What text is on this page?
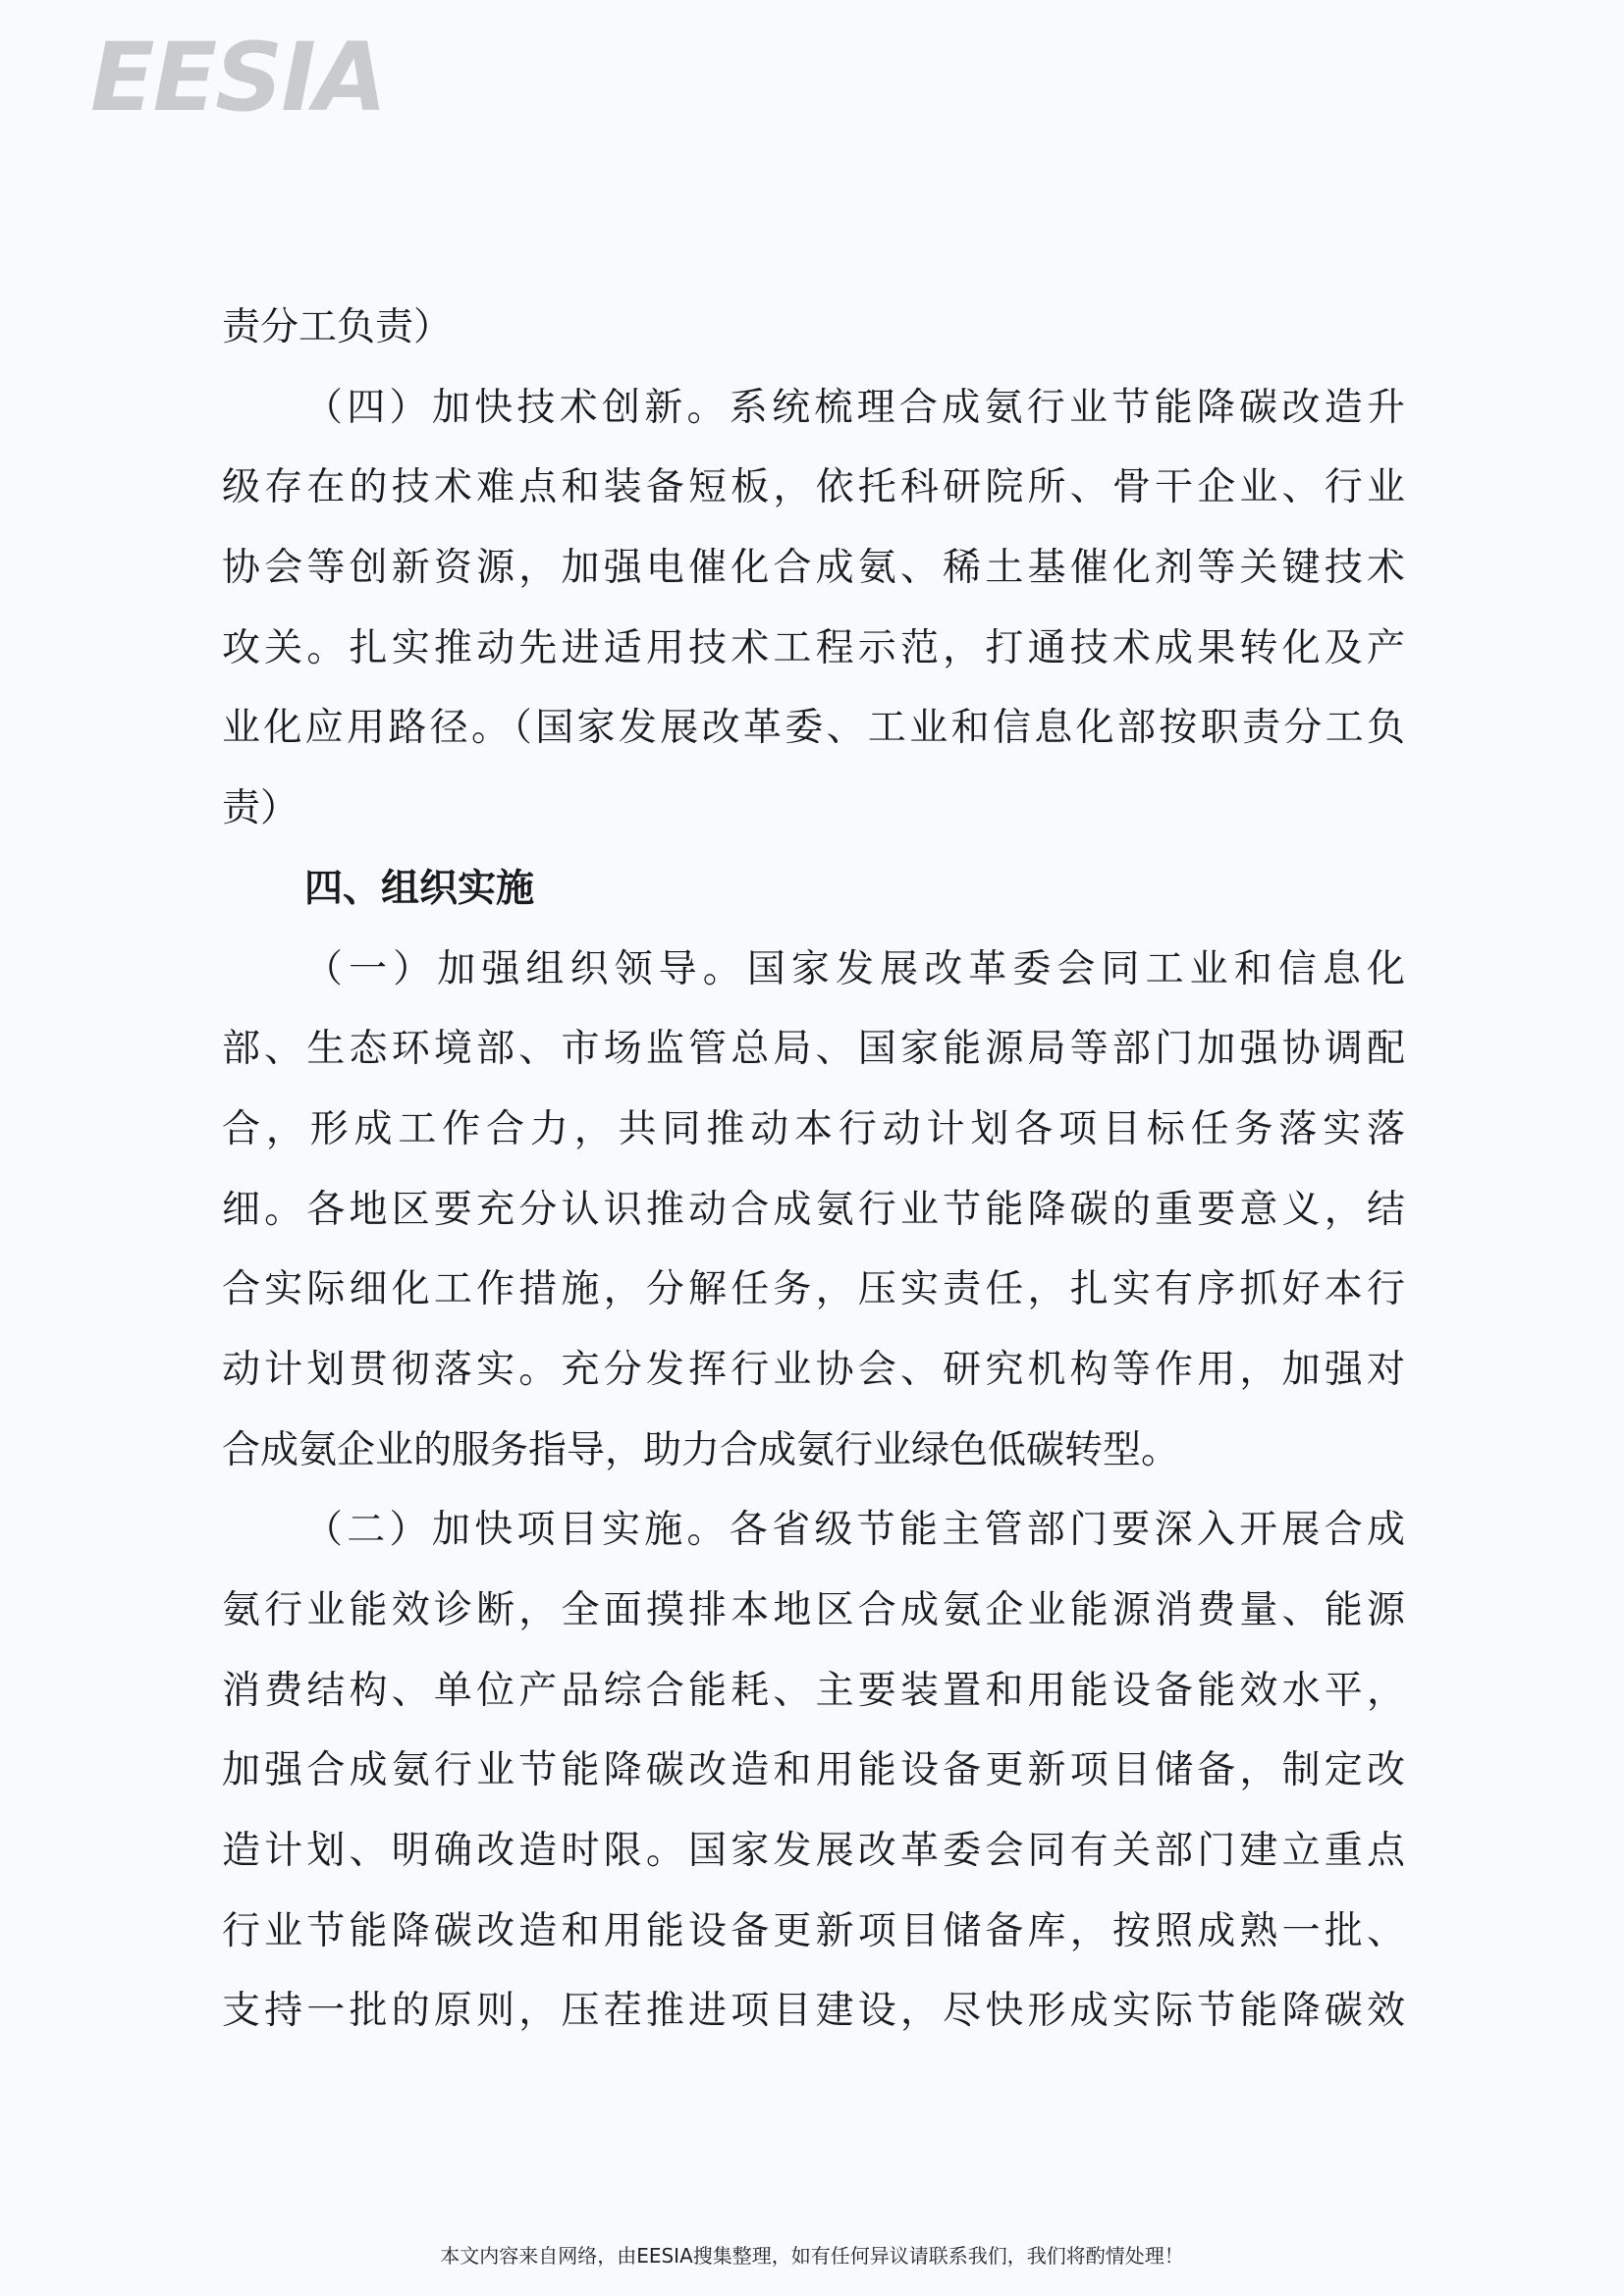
EESIA
责分工负责）
（四）加快技术创新。系统梳理合成氨行业节能降碳改造升
级存在的技术难点和装备短板，依托科研院所、骨干企业、行业
协会等创新资源，加强电催化合成氨、稀土基催化剂等关键技术
攻关。扎实推动先进适用技术工程示范，打通技术成果转化及产
业化应用路径。（国家发展改革委、工业和信息化部按职责分工负
责）
四、组织实施
（一）加强组织领导。国家发展改革委会同工业和信息化
部、生态环境部、市场监管总局、国家能源局等部门加强协调配
合，形成工作合力，共同推动本行动计划各项目标任务落实落
细。各地区要充分认识推动合成氨行业节能降碳的重要意义，结
合实际细化工作措施，分解任务，压实责任，扎实有序抓好本行
动计划贯彻落实。充分发挥行业协会、研究机构等作用，加强对
合成氨企业的服务指导，助力合成氨行业绿色低碳转型。
（二）加快项目实施。各省级节能主管部门要深入开展合成
氨行业能效诊断，全面摸排本地区合成氨企业能源消费量、能源
消费结构、单位产品综合能耗、主要装置和用能设备能效水平，
加强合成氨行业节能降碳改造和用能设备更新项目储备，制定改
造计划、明确改造时限。国家发展改革委会同有关部门建立重点
行业节能降碳改造和用能设备更新项目储备库，按照成熟一批、
支持一批的原则，压茬推进项目建设，尽快形成实际节能降碳效
本文内容来自网络，由EESIA搜集整理，如有任何异议请联系我们，我们将酌情处理！
